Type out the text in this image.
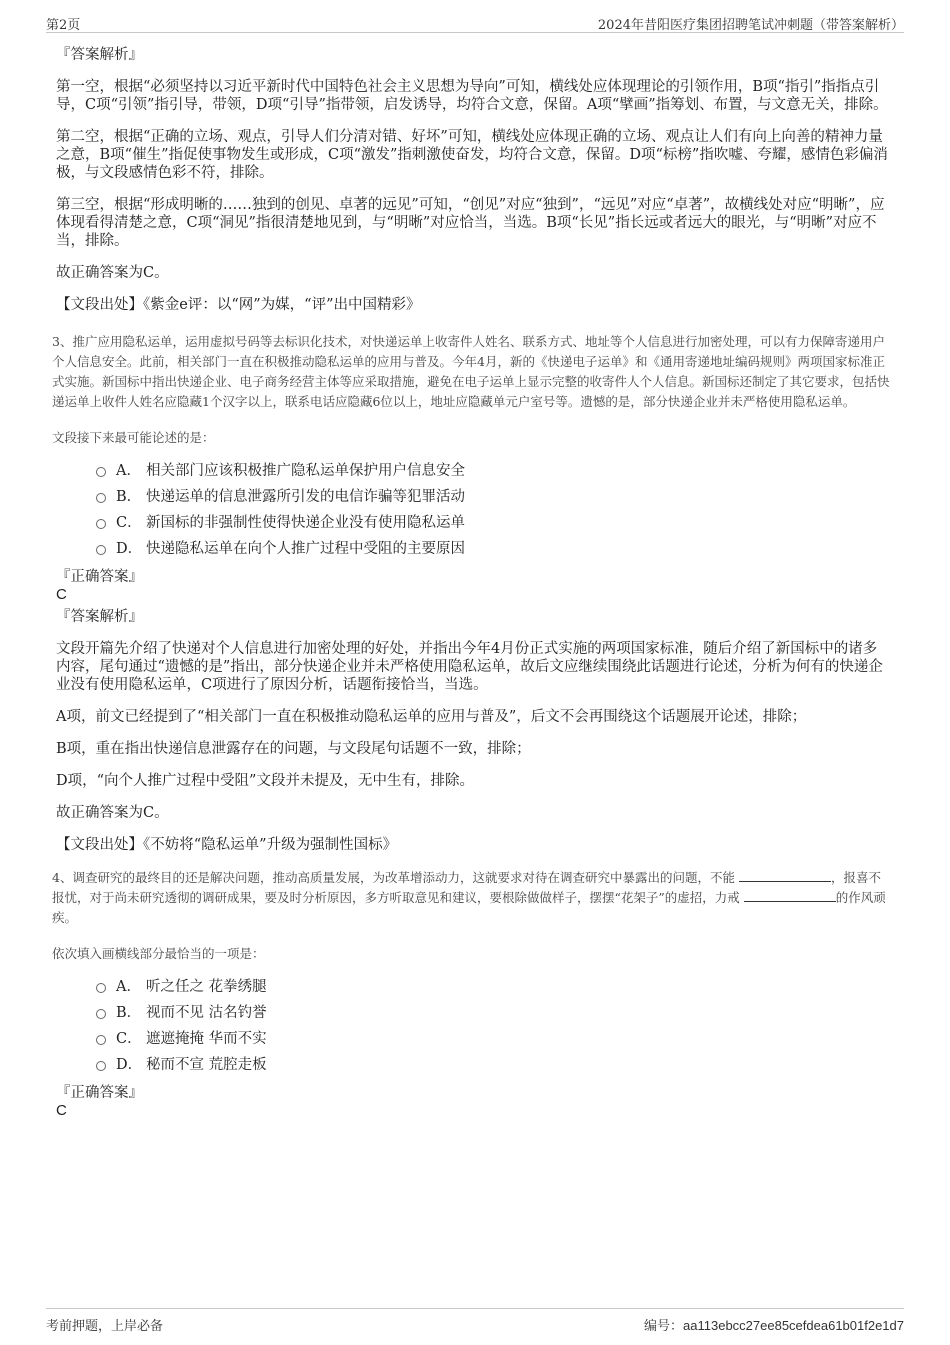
第2页	2024年昔阳医疗集团招聘笔试冲刺题（带答案解析）

『答案解析』

第一空，根据“必须坚持以习近平新时代中国特色社会主义思想为导向”可知，横线处应体现理论的引领作用，B项“指引”指指点引导，C项“引领”指引导，带领，D项“引导”指带领，启发诱导，均符合文意，保留。A项“擘画”指筹划、布置，与文意无关，排除。

第二空，根据“正确的立场、观点，引导人们分清对错、好坏”可知，横线处应体现正确的立场、观点让人们有向上向善的精神力量之意，B项“催生”指促使事物发生或形成，C项“激发”指刺激使奋发，均符合文意，保留。D项“标榜”指吹嘘、夸耀，感情色彩偏消极，与文段感情色彩不符，排除。

第三空，根据“形成明晰的……独到的创见、卓著的远见”可知，“创见”对应“独到”，“远见”对应“卓著”，故横线处对应“明晰”，应体现看得清楚之意，C项“洞见”指很清楚地见到，与“明晰”对应恰当，当选。B项“长见”指长远或者远大的眼光，与“明晰”对应不当，排除。

故正确答案为C。

【文段出处】《紫金e评：以“网”为媒，“评”出中国精彩》

3、推广应用隐私运单，运用虚拟号码等去标识化技术，对快递运单上收寄件人姓名、联系方式、地址等个人信息进行加密处理，可以有力保障寄递用户个人信息安全。此前，相关部门一直在积极推动隐私运单的应用与普及。今年4月，新的《快递电子运单》和《通用寄递地址编码规则》两项国家标准正式实施。新国标中指出快递企业、电子商务经营主体等应采取措施，避免在电子运单上显示完整的收寄件人个人信息。新国标还制定了其它要求，包括快递运单上收件人姓名应隐藏1个汉字以上，联系电话应隐藏6位以上，地址应隐藏单元户室号等。遗憾的是，部分快递企业并未严格使用隐私运单。

文段接下来最可能论述的是：

A． 相关部门应该积极推广隐私运单保护用户信息安全
B． 快递运单的信息泄露所引发的电信诈骗等犯罪活动
C． 新国标的非强制性使得快递企业没有使用隐私运单
D． 快递隐私运单在向个人推广过程中受阻的主要原因

『正确答案』

C

『答案解析』

文段开篇先介绍了快递对个人信息进行加密处理的好处，并指出今年4月份正式实施的两项国家标准，随后介绍了新国标中的诸多内容，尾句通过“遗憾的是”指出，部分快递企业并未严格使用隐私运单，故后文应继续围绕此话题进行论述，分析为何有的快递企业没有使用隐私运单，C项进行了原因分析，话题衔接恰当，当选。

A项，前文已经提到了“相关部门一直在积极推动隐私运单的应用与普及”，后文不会再围绕这个话题展开论述，排除；

B项，重在指出快递信息泄露存在的问题，与文段尾句话题不一致，排除；

D项，“向个人推广过程中受阻”文段并未提及，无中生有，排除。

故正确答案为C。

【文段出处】《不妨将“隐私运单”升级为强制性国标》

4、调查研究的最终目的还是解决问题，推动高质量发展，为改革增添动力，这就要求对待在调查研究中暴露出的问题，不能	，报喜不报忧，对于尚未研究透彻的调研成果，要及时分析原因，多方听取意见和建议，要根除做做样子，摆摆“花架子”的虚招，力戒	的作风顽疾。

依次填入画横线部分最恰当的一项是：

A． 听之任之 花拳绣腿
B． 视而不见 沽名钓誉
C． 遮遮掩掩 华而不实
D． 秘而不宣 荒腔走板

『正确答案』

C

考前押题，上岸必备	编号：aa113ebcc27ee85cefdea61b01f2e1d7
